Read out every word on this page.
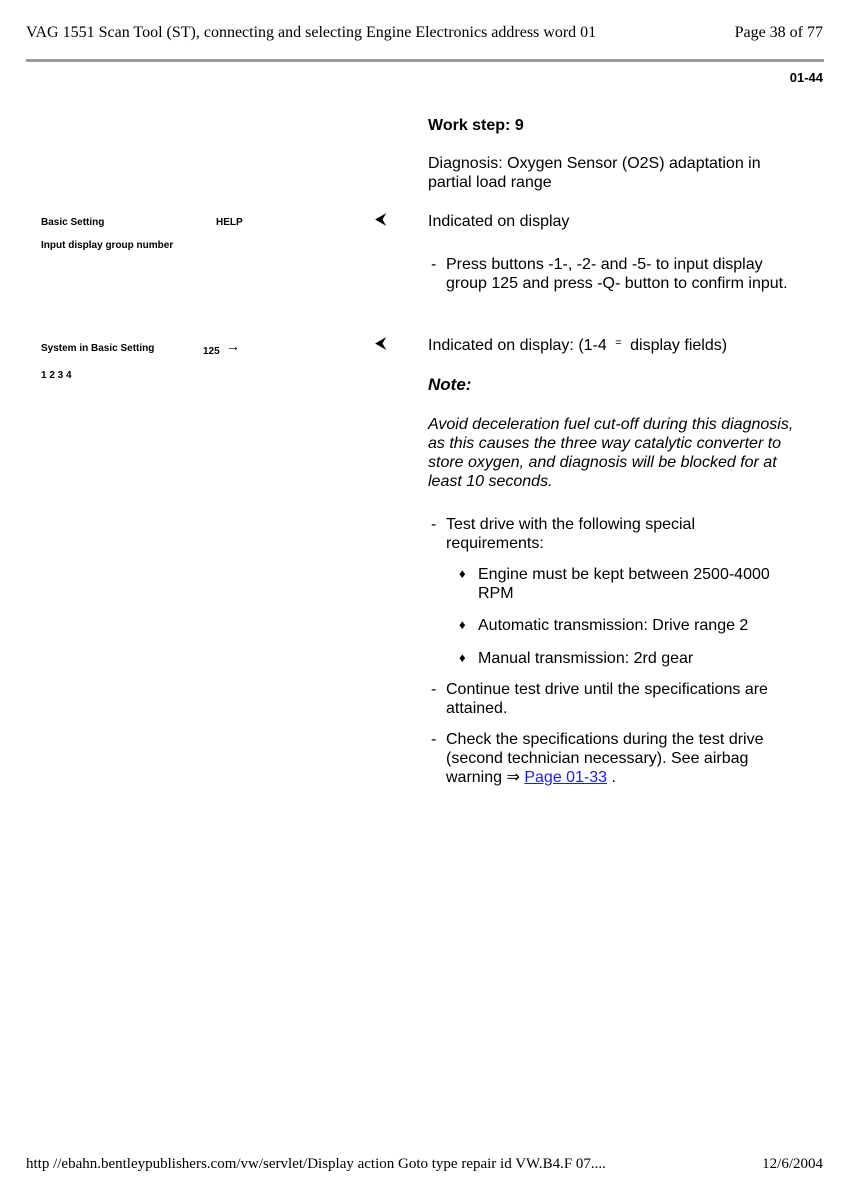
VAG 1551 Scan Tool (ST), connecting and selecting Engine Electronics address word 01	Page 38 of 77
01-44
Work step: 9
Diagnosis: Oxygen Sensor (O2S) adaptation in partial load range
Basic Setting	HELP
Input display group number
⮜	Indicated on display
- Press buttons -1-, -2- and -5- to input display group 125 and press -Q- button to confirm input.
System in Basic Setting	125 →
1 2 3 4
⮜	Indicated on display: (1-4 = display fields)
Note:
Avoid deceleration fuel cut-off during this diagnosis, as this causes the three way catalytic converter to store oxygen, and diagnosis will be blocked for at least 10 seconds.
- Test drive with the following special requirements:
♦ Engine must be kept between 2500-4000 RPM
♦ Automatic transmission: Drive range 2
♦ Manual transmission: 2rd gear
- Continue test drive until the specifications are attained.
- Check the specifications during the test drive (second technician necessary). See airbag warning ⇒ Page 01-33 .
http //ebahn.bentleypublishers.com/vw/servlet/Display action Goto type repair id VW.B4.F 07....	12/6/2004
